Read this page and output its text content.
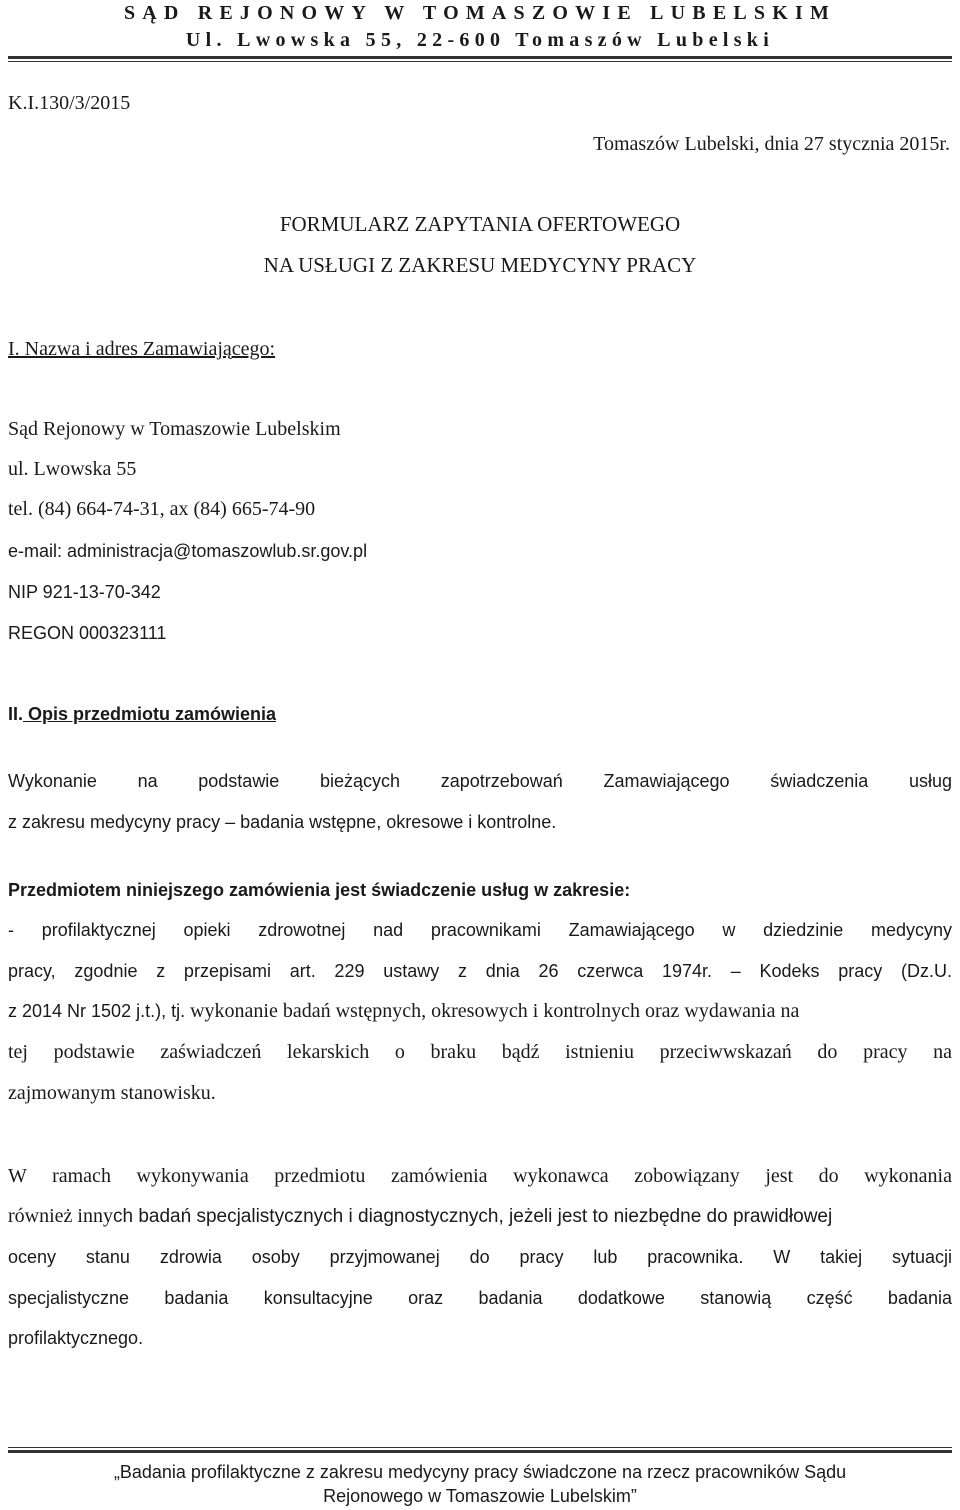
SĄD REJONOWY W TOMASZOWIE LUBELSKIM
Ul. Lwowska 55, 22-600 Tomaszów Lubelski
K.I.130/3/2015
Tomaszów Lubelski, dnia 27 stycznia 2015r.
FORMULARZ ZAPYTANIA OFERTOWEGO
NA USŁUGI Z ZAKRESU MEDYCYNY PRACY
I. Nazwa i adres Zamawiającego:
Sąd Rejonowy w Tomaszowie Lubelskim
ul. Lwowska 55
tel. (84) 664-74-31, ax (84) 665-74-90
e-mail: administracja@tomaszowlub.sr.gov.pl
NIP 921-13-70-342
REGON 000323111
II. Opis przedmiotu zamówienia
Wykonanie na podstawie bieżących zapotrzebowań Zamawiającego świadczenia usług
z zakresu medycyny pracy – badania wstępne, okresowe i kontrolne.
Przedmiotem niniejszego zamówienia jest świadczenie usług w zakresie:
- profilaktycznej opieki zdrowotnej nad pracownikami Zamawiającego w dziedzinie medycyny
pracy, zgodnie z przepisami art. 229 ustawy z dnia 26 czerwca 1974r. – Kodeks pracy (Dz.U.
z 2014 Nr 1502 j.t.), tj. wykonanie badań wstępnych, okresowych i kontrolnych oraz wydawania na
tej podstawie zaświadczeń lekarskich o braku bądź istnieniu przeciwwskazań do pracy na
zajmowanym stanowisku.
W ramach wykonywania przedmiotu zamówienia wykonawca zobowiązany jest do wykonania
również innych badań specjalistycznych i diagnostycznych, jeżeli jest to niezbędne do prawidłowej
oceny stanu zdrowia osoby przyjmowanej do pracy lub pracownika. W takiej sytuacji
specjalistyczne badania konsultacyjne oraz badania dodatkowe stanowią część badania
profilaktycznego.
„Badania profilaktyczne z zakresu medycyny pracy świadczone na rzecz pracowników Sądu
Rejonowego w Tomaszowie Lubelskim”
